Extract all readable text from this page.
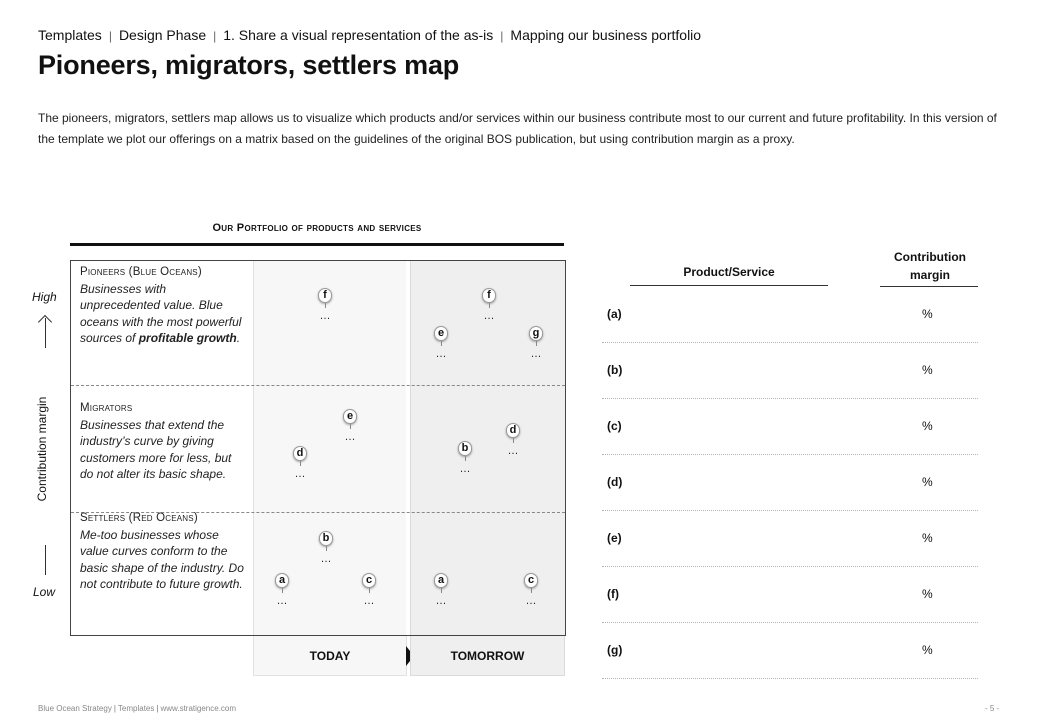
Templates | Design Phase | 1. Share a visual representation of the as-is | Mapping our business portfolio
Pioneers, migrators, settlers map

The pioneers, migrators, settlers map allows us to visualize which products and/or services within our business contribute most to our current and future profitability. In this version of the template we plot our offerings on a matrix based on the guidelines of the original BOS publication, but using contribution margin as a proxy.

Our Portfolio of products and services
High
Contribution margin
Low
Pioneers (Blue Oceans)
Businesses with unprecedented value. Blue oceans with the most powerful sources of profitable growth.
Migrators
Businesses that extend the industry’s curve by giving customers more for less, but do not alter its basic shape.
Settlers (Red Oceans)
Me-too businesses whose value curves conform to the basic shape of the industry. Do not contribute to future growth.
f
…
e
…
d
…
b
…
a
…
c
…
f
…
e
…
g
…
d
…
b
…
a
…
c
…
TODAY	TOMORROW
Product/Service
Contribution
margin
(a)	%
(b)	%
(c)	%
(d)	%
(e)	%
(f)	%
(g)	%
Blue Ocean Strategy | Templates | www.stratigence.com	- 5 -
